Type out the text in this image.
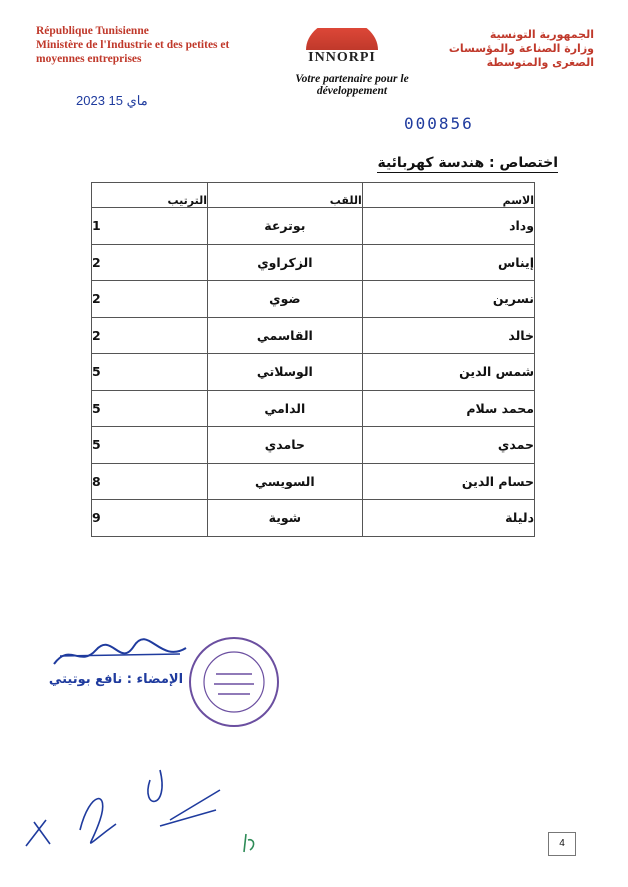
République Tunisienne
Ministère de l'Industrie et des petites et
moyennes entreprises	INNORPI
Votre partenaire pour le développement
الجمهورية التونسية
وزارة الصناعة والمؤسسات
الصغرى والمتوسطة
2023 ماي 15
000856
اختصاص : هندسة كهربائية
الترتيب	اللقب	الاسم
1	بوترعة	وداد
2	الزكراوي	إيناس
2	ضوي	نسرين
2	القاسمي	خالد
5	الوسلاتي	شمس الدين
5	الدامي	محمد سلام
5	حامدي	حمدي
8	السويسي	حسام الدين
9	شوية	دليلة
الإمضاء : نافع بوتيتي
4
